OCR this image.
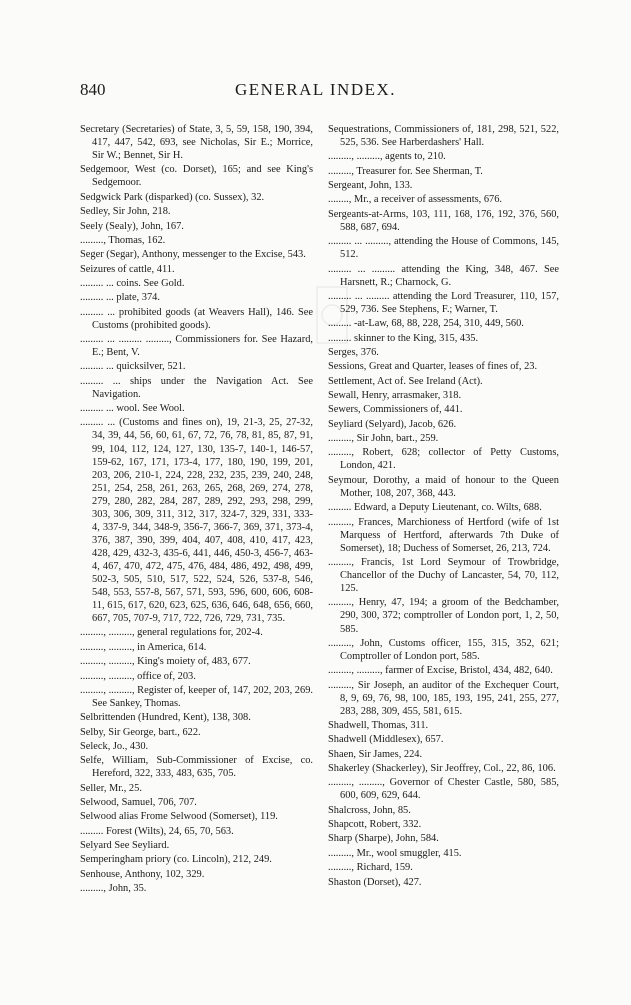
840	GENERAL INDEX.

Secretary (Secretaries) of State, 3, 5, 59, 158, 190, 394, 417, 447, 542, 693, see Nicholas, Sir E.; Morrice, Sir W.; Bennet, Sir H.

Sedgemoor, West (co. Dorset), 165; and see King's Sedgemoor.

Sedgwick Park (disparked) (co. Sussex), 32.

Sedley, Sir John, 218.

Seely (Sealy), John, 167.

........., Thomas, 162.

Seger (Segar), Anthony, messenger to the Excise, 543.

Seizures of cattle, 411.

......... ... coins. See Gold.

......... ... plate, 374.

......... ... prohibited goods (at Weavers Hall), 146. See Customs (prohibited goods).

......... ... ......... ........., Commissioners for. See Hazard, E.; Bent, V.

......... ... quicksilver, 521.

......... ... ships under the Navigation Act. See Navigation.

......... ... wool. See Wool.

......... ... (Customs and fines on), 19, 21-3, 25, 27-32, 34, 39, 44, 56, 60, 61, 67, 72, 76, 78, 81, 85, 87, 91, 99, 104, 112, 124, 127, 130, 135-7, 140-1, 146-57, 159-62, 167, 171, 173-4, 177, 180, 190, 199, 201, 203, 206, 210-1, 224, 228, 232, 235, 239, 240, 248, 251, 254, 258, 261, 263, 265, 268, 269, 274, 278, 279, 280, 282, 284, 287, 289, 292, 293, 298, 299, 303, 306, 309, 311, 312, 317, 324-7, 329, 331, 333-4, 337-9, 344, 348-9, 356-7, 366-7, 369, 371, 373-4, 376, 387, 390, 399, 404, 407, 408, 410, 417, 423, 428, 429, 432-3, 435-6, 441, 446, 450-3, 456-7, 463-4, 467, 470, 472, 475, 476, 484, 486, 492, 498, 499, 502-3, 505, 510, 517, 522, 524, 526, 537-8, 546, 548, 553, 557-8, 567, 571, 593, 596, 600, 606, 608-11, 615, 617, 620, 623, 625, 636, 646, 648, 656, 660, 667, 705, 707-9, 717, 722, 726, 729, 731, 735.

........., ........., general regulations for, 202-4.

........., ........., in America, 614.

........., ........., King's moiety of, 483, 677.

........., ........., office of, 203.

........., ........., Register of, keeper of, 147, 202, 203, 269. See Sankey, Thomas.

Selbrittenden (Hundred, Kent), 138, 308.

Selby, Sir George, bart., 622.

Seleck, Jo., 430.

Selfe, William, Sub-Commissioner of Excise, co. Hereford, 322, 333, 483, 635, 705.

Seller, Mr., 25.

Selwood, Samuel, 706, 707.

Selwood alias Frome Selwood (Somerset), 119.

......... Forest (Wilts), 24, 65, 70, 563.

Selyard See Seyliard.

Semperingham priory (co. Lincoln), 212, 249.

Senhouse, Anthony, 102, 329.

........., John, 35.

Sequestrations, Commissioners of, 181, 298, 521, 522, 525, 536. See Harberdashers' Hall.

........., ........., agents to, 210.

........., Treasurer for. See Sherman, T.

Sergeant, John, 133.

........, Mr., a receiver of assessments, 676.

Sergeants-at-Arms, 103, 111, 168, 176, 192, 376, 560, 588, 687, 694.

......... ... ........., attending the House of Commons, 145, 512.

......... ... ......... attending the King, 348, 467. See Harsnett, R.; Charnock, G.

......... ... ......... attending the Lord Treasurer, 110, 157, 529, 736. See Stephens, F.; Warner, T.

......... -at-Law, 68, 88, 228, 254, 310, 449, 560.

......... skinner to the King, 315, 435.

Serges, 376.

Sessions, Great and Quarter, leases of fines of, 23.

Settlement, Act of. See Ireland (Act).

Sewall, Henry, arrasmaker, 318.

Sewers, Commissioners of, 441.

Seyliard (Selyard), Jacob, 626.

........., Sir John, bart., 259.

........., Robert, 628; collector of Petty Customs, London, 421.

Seymour, Dorothy, a maid of honour to the Queen Mother, 108, 207, 368, 443.

......... Edward, a Deputy Lieutenant, co. Wilts, 688.

........., Frances, Marchioness of Hertford (wife of 1st Marquess of Hertford, afterwards 7th Duke of Somerset), 18; Duchess of Somerset, 26, 213, 724.

........., Francis, 1st Lord Seymour of Trowbridge, Chancellor of the Duchy of Lancaster, 54, 70, 112, 125.

........., Henry, 47, 194; a groom of the Bedchamber, 290, 300, 372; comptroller of London port, 1, 2, 50, 585.

........., John, Customs officer, 155, 315, 352, 621; Comptroller of London port, 585.

........., ........., farmer of Excise, Bristol, 434, 482, 640.

........., Sir Joseph, an auditor of the Exchequer Court, 8, 9, 69, 76, 98, 100, 185, 193, 195, 241, 255, 277, 283, 288, 309, 455, 581, 615.

Shadwell, Thomas, 311.

Shadwell (Middlesex), 657.

Shaen, Sir James, 224.

Shakerley (Shackerley), Sir Jeoffrey, Col., 22, 86, 106.

........., ........., Governor of Chester Castle, 580, 585, 600, 609, 629, 644.

Shalcross, John, 85.

Shapcott, Robert, 332.

Sharp (Sharpe), John, 584.

........., Mr., wool smuggler, 415.

........., Richard, 159.

Shaston (Dorset), 427.
